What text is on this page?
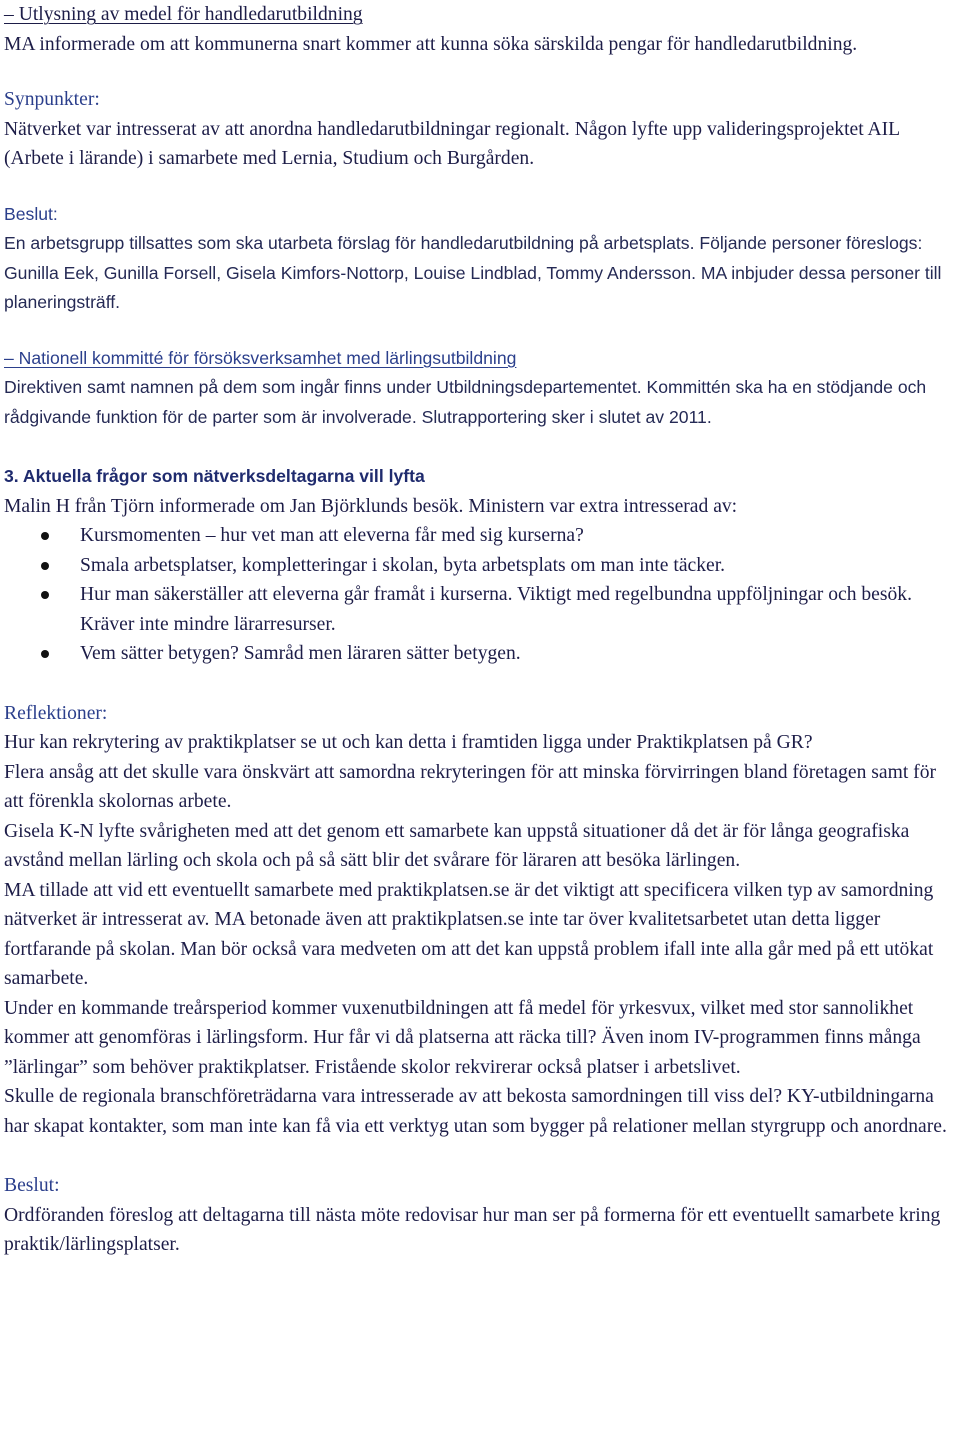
– Utlysning av medel för handledarutbildning

MA informerade om att kommunerna snart kommer att kunna söka särskilda pengar för handledarutbildning.

Synpunkter:

Nätverket var intresserat av att anordna handledarutbildningar regionalt. Någon lyfte upp valideringsprojektet AIL (Arbete i lärande) i samarbete med Lernia, Studium och Burgården.

Beslut:

En arbetsgrupp tillsattes som ska utarbeta förslag för handledarutbildning på arbetsplats. Följande personer föreslogs: Gunilla Eek, Gunilla Forsell, Gisela Kimfors-Nottorp, Louise Lindblad, Tommy Andersson. MA inbjuder dessa personer till planeringsträff.

– Nationell kommitté för försöksverksamhet med lärlingsutbildning

Direktiven samt namnen på dem som ingår finns under Utbildningsdepartementet. Kommittén ska ha en stödjande och rådgivande funktion för de parter som är involverade. Slutrapportering sker i slutet av 2011.

3. Aktuella frågor som nätverksdeltagarna vill lyfta

Malin H från Tjörn informerade om Jan Björklunds besök. Ministern var extra intresserad av:

Kursmomenten – hur vet man att eleverna får med sig kurserna?
Smala arbetsplatser, kompletteringar i skolan, byta arbetsplats om man inte täcker.
Hur man säkerställer att eleverna går framåt i kurserna. Viktigt med regelbundna uppföljningar och besök. Kräver inte mindre lärarresurser.
Vem sätter betygen? Samråd men läraren sätter betygen.

Reflektioner:

Hur kan rekrytering av praktikplatser se ut och kan detta i framtiden ligga under Praktikplatsen på GR?

Flera ansåg att det skulle vara önskvärt att samordna rekryteringen för att minska förvirringen bland företagen samt för att förenkla skolornas arbete.

Gisela K-N lyfte svårigheten med att det genom ett samarbete kan uppstå situationer då det är för långa geografiska avstånd mellan lärling och skola och på så sätt blir det svårare för läraren att besöka lärlingen.

MA tillade att vid ett eventuellt samarbete med praktikplatsen.se är det viktigt att specificera vilken typ av samordning nätverket är intresserat av. MA betonade även att praktikplatsen.se inte tar över kvalitetsarbetet utan detta ligger fortfarande på skolan. Man bör också vara medveten om att det kan uppstå problem ifall inte alla går med på ett utökat samarbete.

Under en kommande treårsperiod kommer vuxenutbildningen att få medel för yrkesvux, vilket med stor sannolikhet kommer att genomföras i lärlingsform. Hur får vi då platserna att räcka till? Även inom IV-programmen finns många ”lärlingar” som behöver praktikplatser. Fristående skolor rekvirerar också platser i arbetslivet.

Skulle de regionala branschföreträdarna vara intresserade av att bekosta samordningen till viss del? KY-utbildningarna har skapat kontakter, som man inte kan få via ett verktyg utan som bygger på relationer mellan styrgrupp och anordnare.

Beslut:

Ordföranden föreslog att deltagarna till nästa möte redovisar hur man ser på formerna för ett eventuellt samarbete kring praktik/lärlingsplatser.
